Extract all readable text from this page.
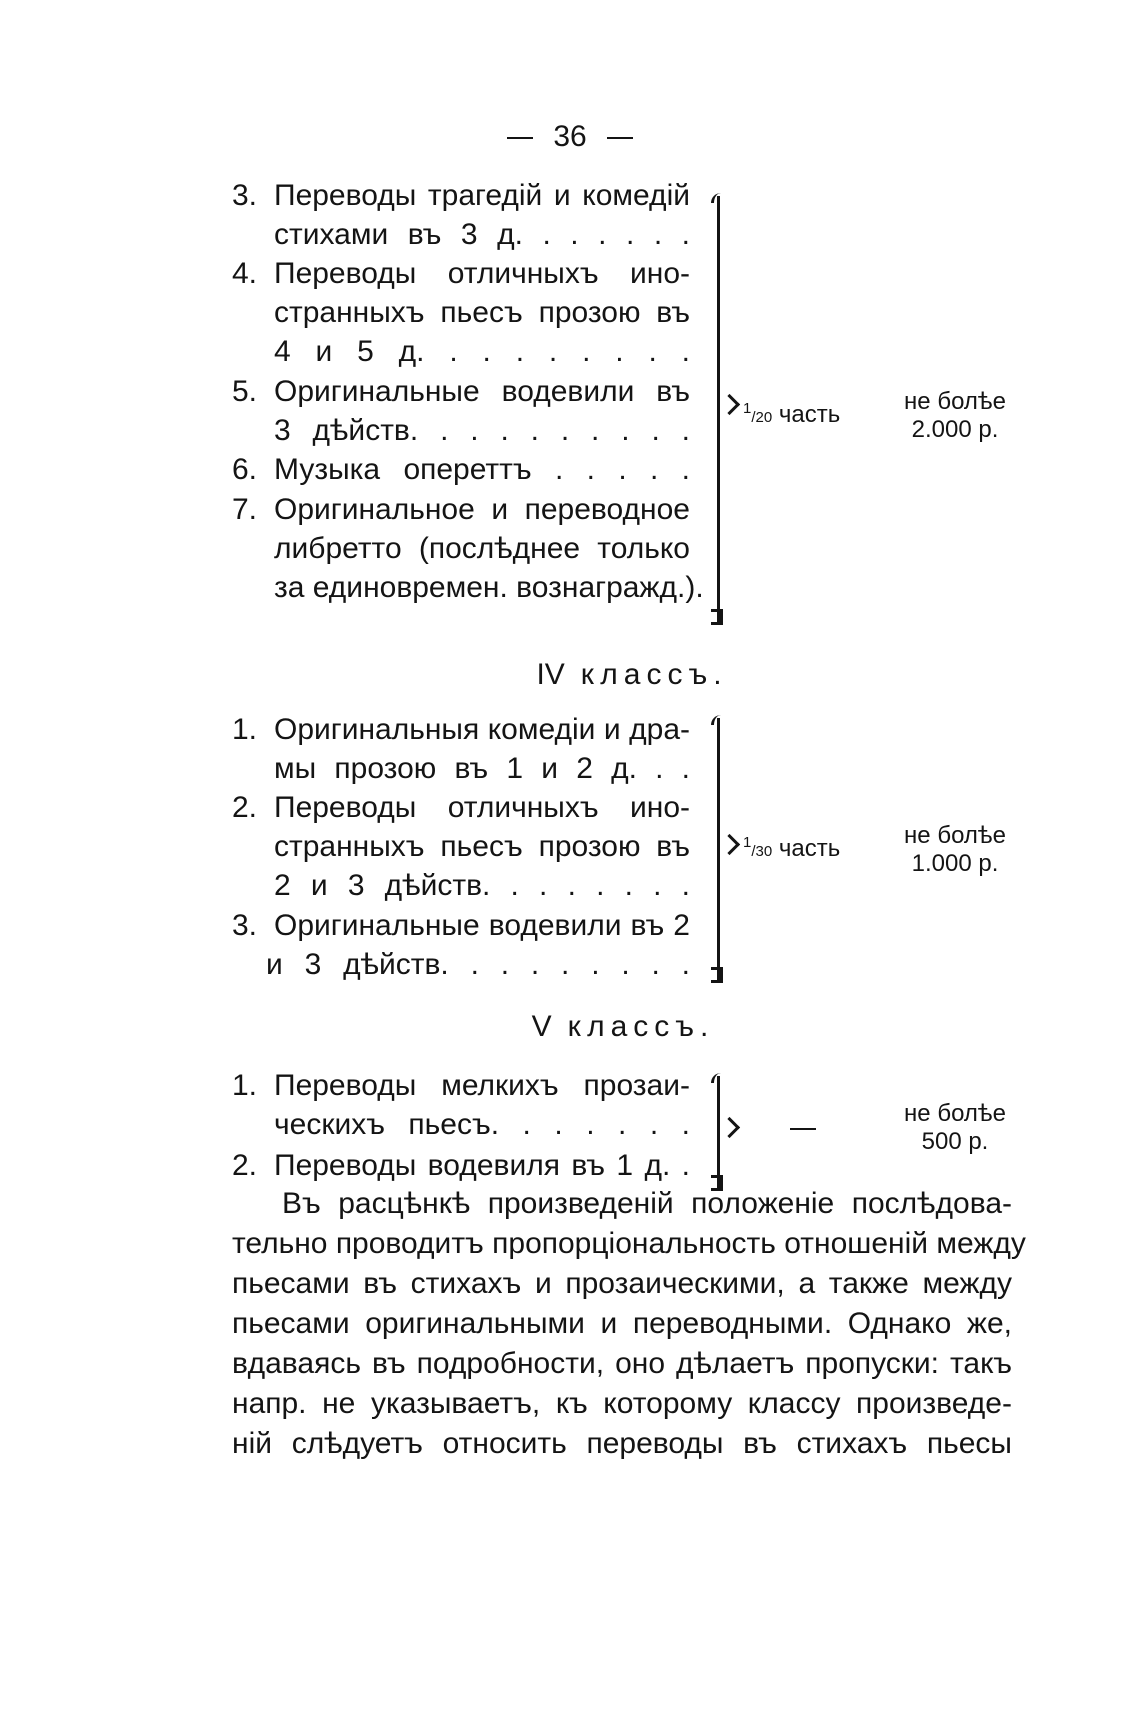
36
3. Переводы трагедій и комедій
стихами въ 3 д. . . . . . .
4. Переводы отличныхъ ино-
странныхъ пьесъ прозою въ
4 и 5 д. . . . . . . . .
5. Оригинальные водевили въ
3 дѣйств. . . . . . . . . .
6. Музыка опереттъ . . . . .
7. Оригинальное и переводное
либретто (послѣднее только
за единовремен. вознагражд.).
$^1$/20 часть	не болѣе
2.000 р.
IV классъ.
1. Оригинальныя комедіи и дра-
мы прозою въ 1 и 2 д. . .
2. Переводы отличныхъ ино-
странныхъ пьесъ прозою въ
2 и 3 дѣйств. . . . . . . .
3. Оригинальные водевили въ 2
и 3 дѣйств. . . . . . . . .
$^1$/30 часть	не болѣе
1.000 р.
V классъ.
1. Переводы мелкихъ прозаи-
ческихъ пьесъ. . . . . . .
2. Переводы водевиля въ 1 д. .
не болѣе
500 р.
Въ расцѣнкѣ произведеній положеніе послѣдова-
тельно проводитъ пропорціональность отношеній между
пьесами въ стихахъ и прозаическими, а также между
пьесами оригинальными и переводными. Однако же,
вдаваясь въ подробности, оно дѣлаетъ пропуски: такъ
напр. не указываетъ, къ которому классу произведе-
ній слѣдуетъ относить переводы въ стихахъ пьесы
